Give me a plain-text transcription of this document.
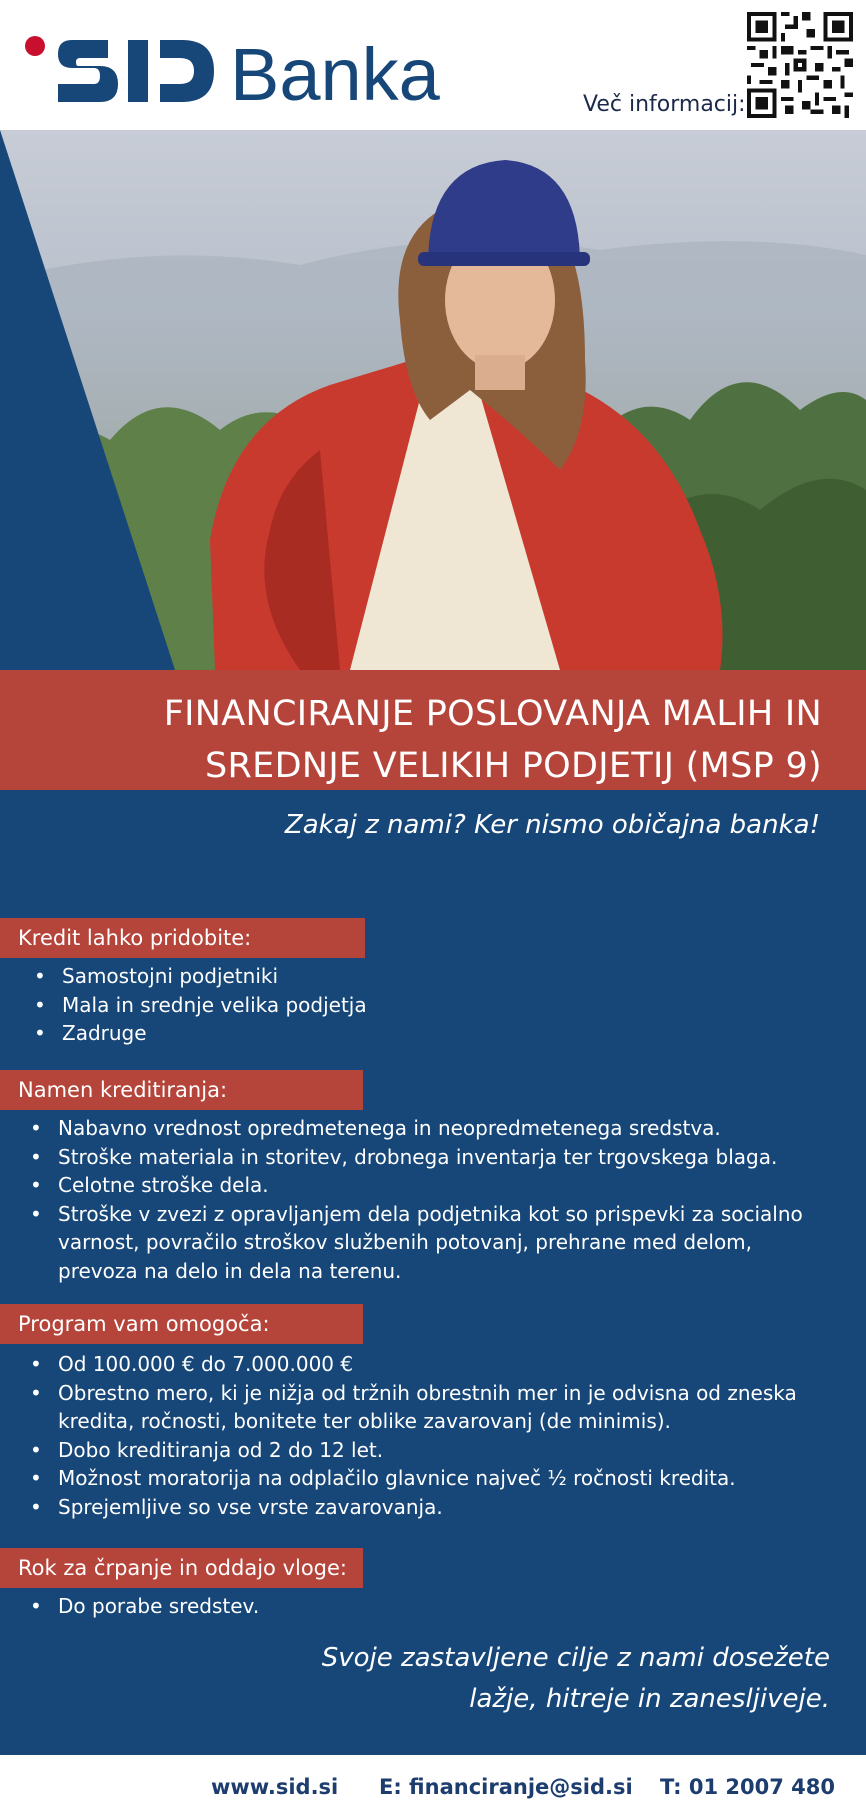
Banka	Več informacij:
FINANCIRANJE POSLOVANJA MALIH IN
SREDNJE VELIKIH PODJETIJ (MSP 9)
Zakaj z nami? Ker nismo običajna banka!
Kredit lahko pridobite:
• Samostojni podjetniki
• Mala in srednje velika podjetja
• Zadruge
Namen kreditiranja:
• Nabavno vrednost opredmetenega in neopredmetenega sredstva.
• Stroške materiala in storitev, drobnega inventarja ter trgovskega blaga.
• Celotne stroške dela.
• Stroške v zvezi z opravljanjem dela podjetnika kot so prispevki za socialno varnost, povračilo stroškov službenih potovanj, prehrane med delom, prevoza na delo in dela na terenu.
Program vam omogoča:
• Od 100.000 € do 7.000.000 €
• Obrestno mero, ki je nižja od tržnih obrestnih mer in je odvisna od zneska kredita, ročnosti, bonitete ter oblike zavarovanj (de minimis).
• Dobo kreditiranja od 2 do 12 let.
• Možnost moratorija na odplačilo glavnice največ ½ ročnosti kredita.
• Sprejemljive so vse vrste zavarovanja.
Rok za črpanje in oddajo vloge:
• Do porabe sredstev.
Svoje zastavljene cilje z nami dosežete
lažje, hitreje in zanesljiveje.
www.sid.si E: financiranje@sid.si T: 01 2007 480
